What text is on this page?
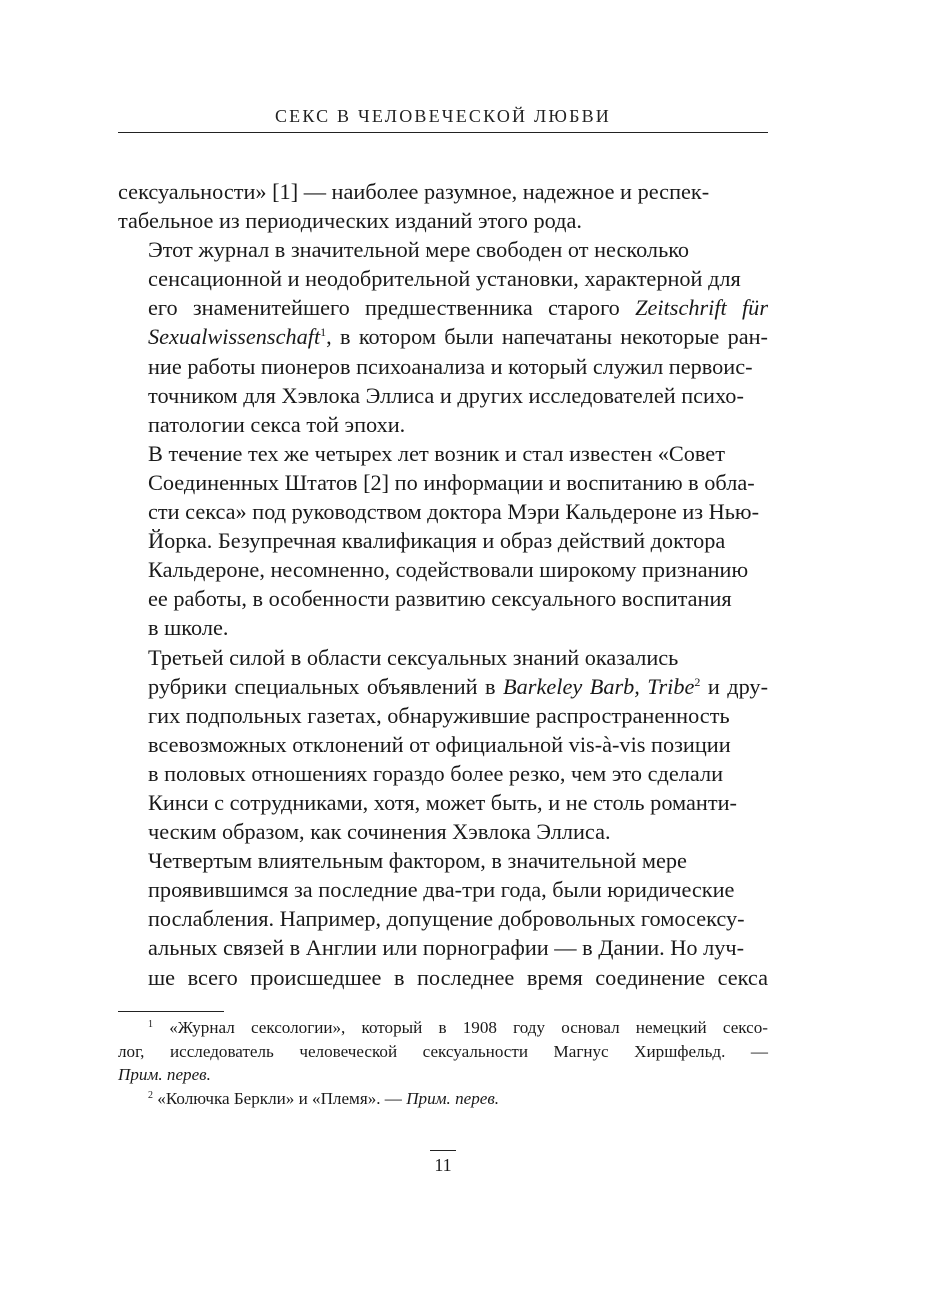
СЕКС В ЧЕЛОВЕЧЕСКОЙ ЛЮБВИ

сексуальности» [1] — наиболее разумное, надежное и респек-
табельное из периодических изданий этого рода.

Этот журнал в значительной мере свободен от несколько
сенсационной и неодобрительной установки, характерной для
его знаменитейшего предшественника старого Zeitschrift für
Sexualwissenschaft$^1$, в котором были напечатаны некоторые ран-
ние работы пионеров психоанализа и который служил первоис-
точником для Хэвлока Эллиса и других исследователей психо-
патологии секса той эпохи.

В течение тех же четырех лет возник и стал известен «Совет
Соединенных Штатов [2] по информации и воспитанию в обла-
сти секса» под руководством доктора Мэри Кальдероне из Нью-
Йорка. Безупречная квалификация и образ действий доктора
Кальдероне, несомненно, содействовали широкому признанию
ее работы, в особенности развитию сексуального воспитания
в школе.

Третьей силой в области сексуальных знаний оказались
рубрики специальных объявлений в Barkeley Barb, Tribe$^2$ и дру-
гих подпольных газетах, обнаружившие распространенность
всевозможных отклонений от официальной vis-à-vis позиции
в половых отношениях гораздо более резко, чем это сделали
Кинси с сотрудниками, хотя, может быть, и не столь романти-
ческим образом, как сочинения Хэвлока Эллиса.

Четвертым влиятельным фактором, в значительной мере
проявившимся за последние два-три года, были юридические
послабления. Например, допущение добровольных гомосексу-
альных связей в Англии или порнографии — в Дании. Но луч-
ше всего происшедшее в последнее время соединение секса

$^1$ «Журнал сексологии», который в 1908 году основал немецкий сексо-
лог, исследователь человеческой сексуальности Магнус Хиршфельд. —
Прим. перев.

$^2$ «Колючка Беркли» и «Племя». — Прим. перев.

11
